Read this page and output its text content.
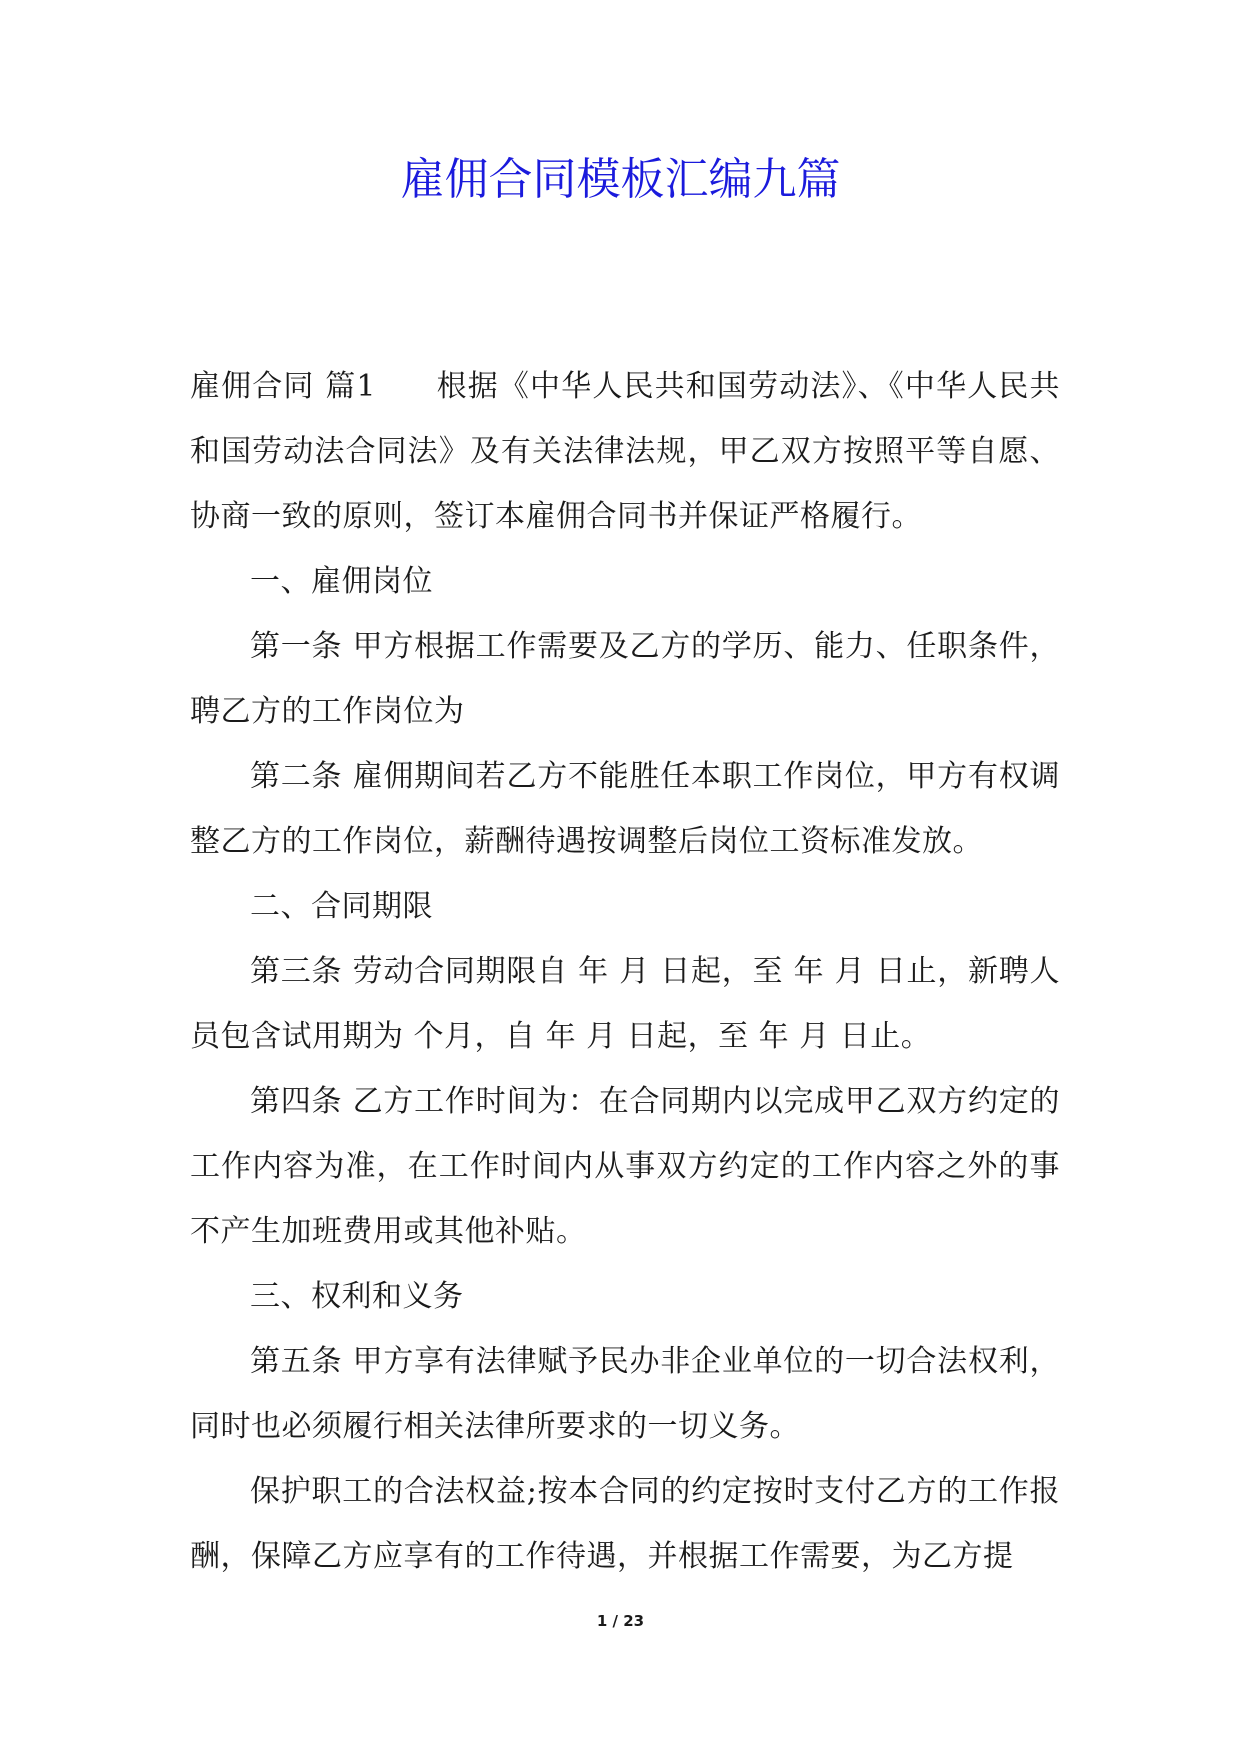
雇佣合同模板汇编九篇

雇佣合同 篇1 根据《中华人民共和国劳动法》、《中华人民共和国劳动法合同法》及有关法律法规，甲乙双方按照平等自愿、协商一致的原则，签订本雇佣合同书并保证严格履行。

一、雇佣岗位

第一条 甲方根据工作需要及乙方的学历、能力、任职条件，聘乙方的工作岗位为

第二条 雇佣期间若乙方不能胜任本职工作岗位，甲方有权调整乙方的工作岗位，薪酬待遇按调整后岗位工资标准发放。

二、合同期限

第三条 劳动合同期限自 年 月 日起，至 年 月 日止，新聘人员包含试用期为 个月，自 年 月 日起，至 年 月 日止。

第四条 乙方工作时间为：在合同期内以完成甲乙双方约定的工作内容为准，在工作时间内从事双方约定的工作内容之外的事不产生加班费用或其他补贴。

三、权利和义务

第五条 甲方享有法律赋予民办非企业单位的一切合法权利，同时也必须履行相关法律所要求的一切义务。

保护职工的合法权益;按本合同的约定按时支付乙方的工作报酬，保障乙方应享有的工作待遇，并根据工作需要，为乙方提

1 / 23
